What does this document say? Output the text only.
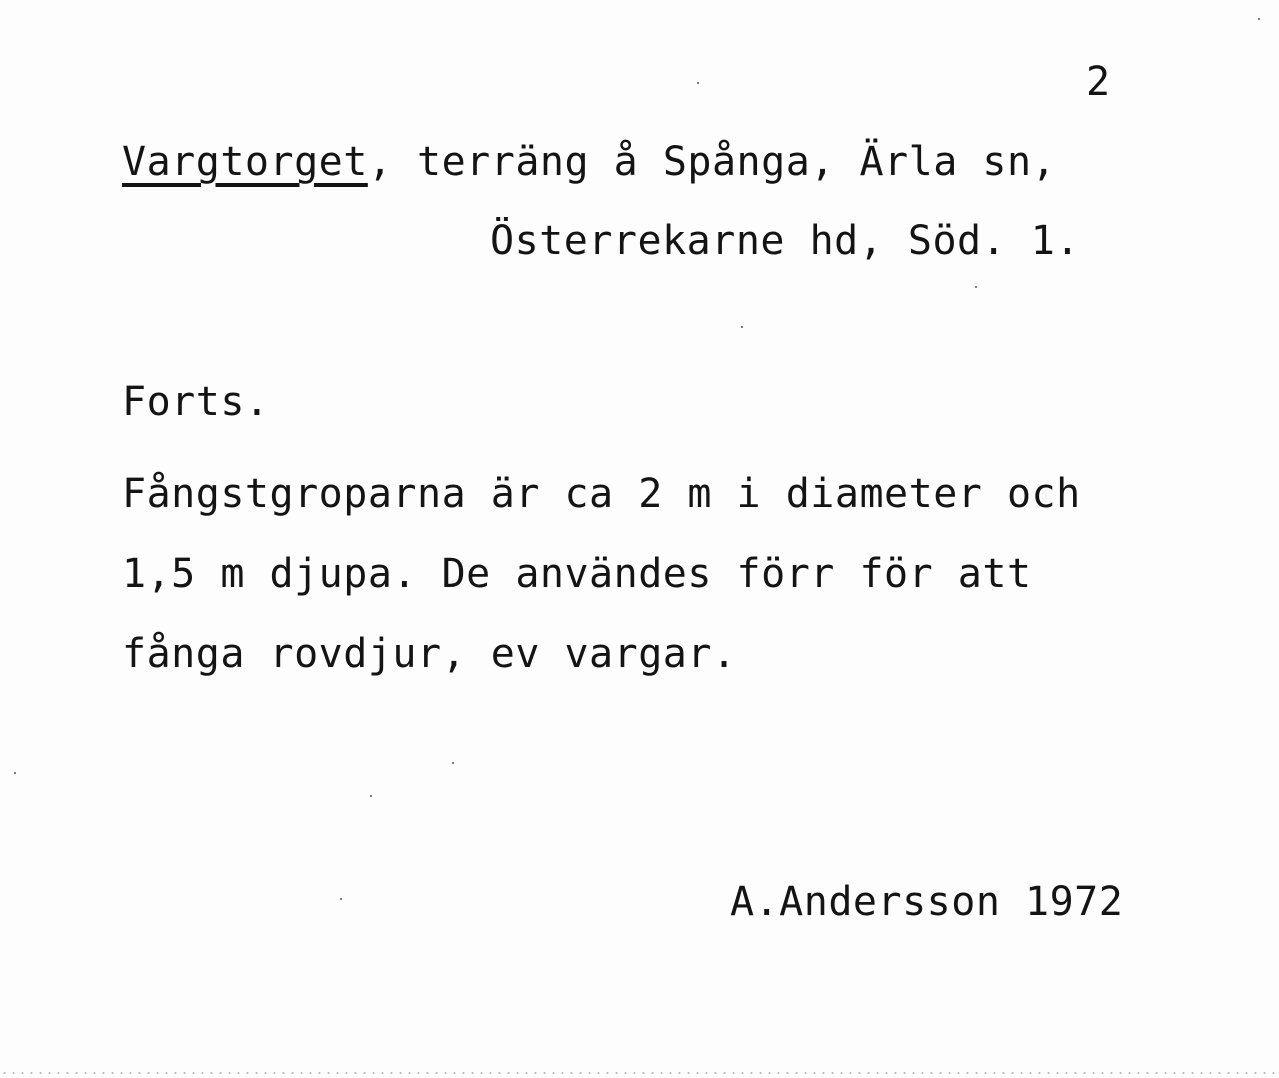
2
Vargtorget, terräng å Spånga, Ärla sn,
Österrekarne hd, Söd. 1.
Forts.
Fångstgroparna är ca 2 m i diameter och
1,5 m djupa. De användes förr för att
fånga rovdjur, ev vargar.
A.Andersson 1972
